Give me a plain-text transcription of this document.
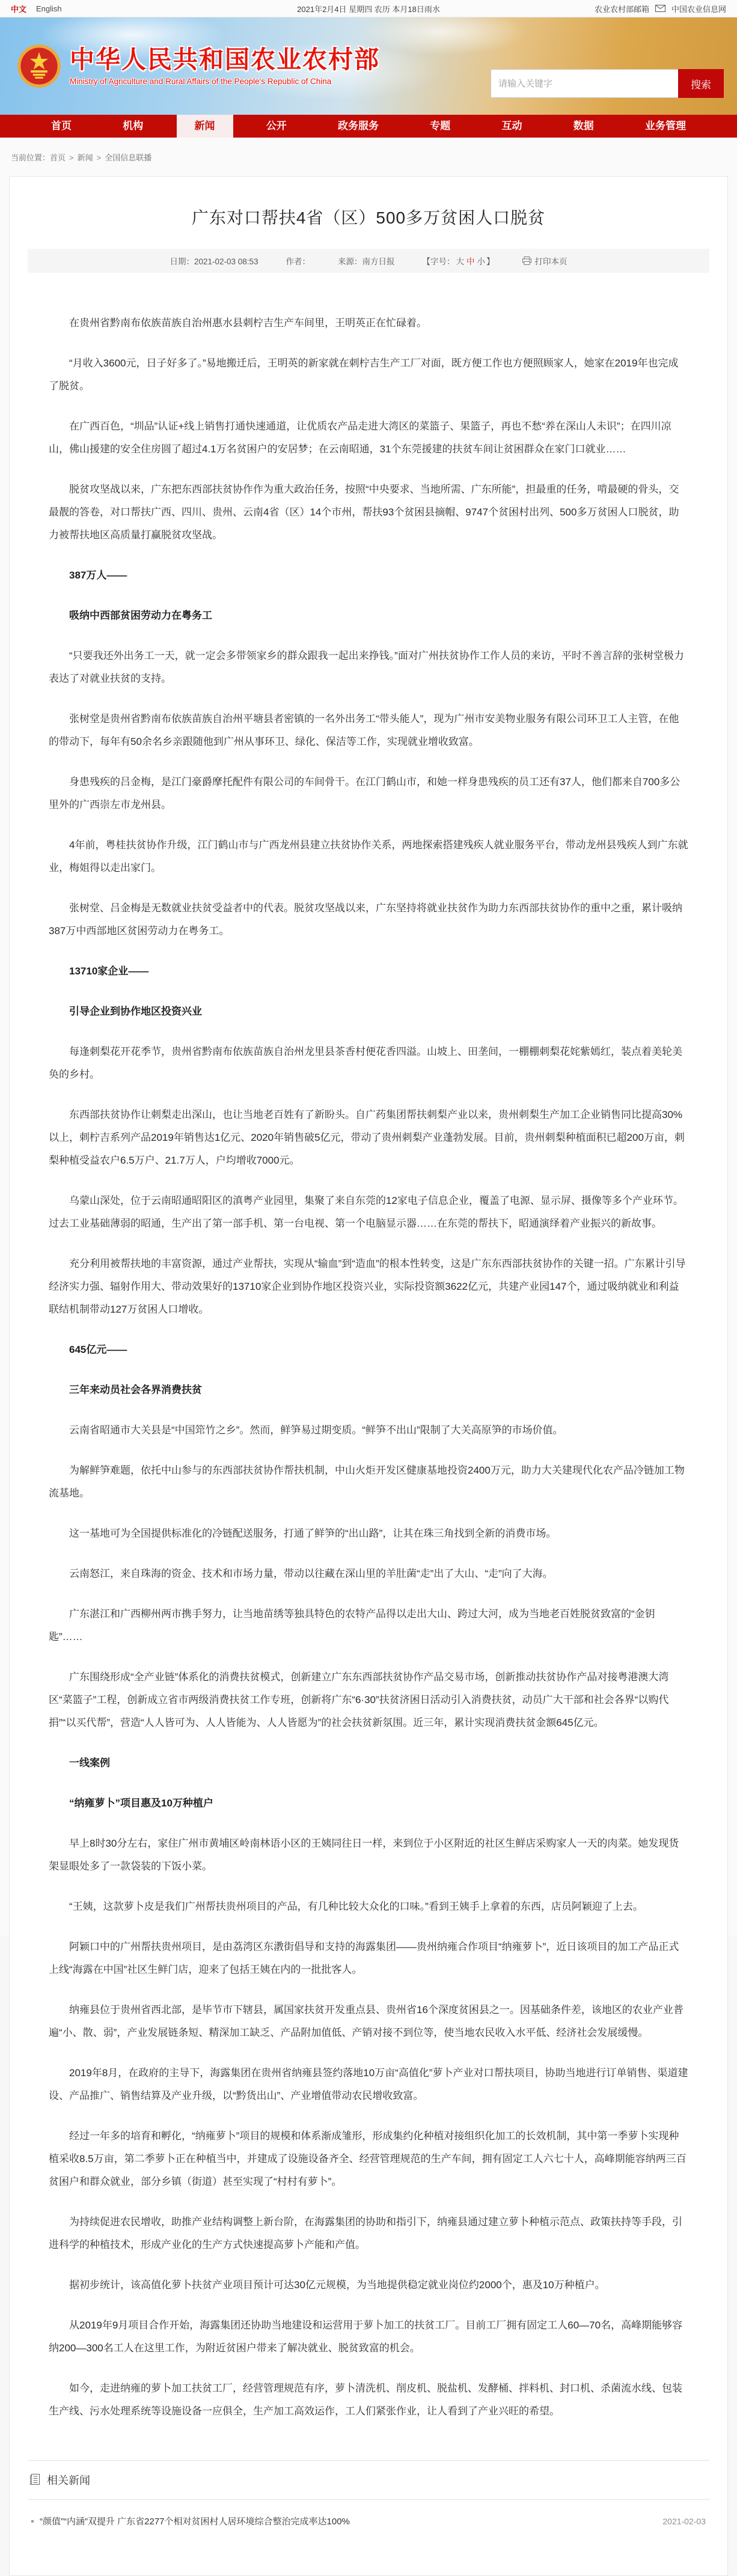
中文 English	2021年2月4日 星期四 农历 本月18日雨水	农业农村部邮箱	中国农业信息网
中华人民共和国农业农村部
Ministry of Agriculture and Rural Affairs of the People's Republic of China
请输入关键字	搜索
首页	机构	新闻	公开	政务服务	专题	互动	数据	业务管理
当前位置： 首页 > 新闻 > 全国信息联播
广东对口帮扶4省（区）500多万贫困人口脱贫
日期：2021-02-03 08:53	作者：	来源：南方日报	【字号： 大 中 小 】	打印本页

在贵州省黔南布依族苗族自治州惠水县刺柠吉生产车间里，王明英正在忙碌着。

“月收入3600元，日子好多了。”易地搬迁后，王明英的新家就在刺柠吉生产工厂对面，既方便工作也方便照顾家人，她家在2019年也完成了脱贫。

在广西百色，“圳品”认证+线上销售打通快速通道，让优质农产品走进大湾区的菜篮子、果篮子，再也不愁“养在深山人未识”；在四川凉山，佛山援建的安全住房圆了超过4.1万名贫困户的安居梦；在云南昭通，31个东莞援建的扶贫车间让贫困群众在家门口就业……

脱贫攻坚战以来，广东把东西部扶贫协作作为重大政治任务，按照“中央要求、当地所需、广东所能”，担最重的任务，啃最硬的骨头，交最靓的答卷，对口帮扶广西、四川、贵州、云南4省（区）14个市州，帮扶93个贫困县摘帽、9747个贫困村出列、500多万贫困人口脱贫，助力被帮扶地区高质量打赢脱贫攻坚战。

387万人——

吸纳中西部贫困劳动力在粤务工

“只要我还外出务工一天，就一定会多带领家乡的群众跟我一起出来挣钱。”面对广州扶贫协作工作人员的来访，平时不善言辞的张树堂极力表达了对就业扶贫的支持。

张树堂是贵州省黔南布依族苗族自治州平塘县者密镇的一名外出务工“带头能人”，现为广州市安美物业服务有限公司环卫工人主管，在他的带动下，每年有50余名乡亲跟随他到广州从事环卫、绿化、保洁等工作，实现就业增收致富。

身患残疾的吕金梅，是江门豪爵摩托配件有限公司的车间骨干。在江门鹤山市，和她一样身患残疾的员工还有37人，他们都来自700多公里外的广西崇左市龙州县。

4年前，粤桂扶贫协作升级，江门鹤山市与广西龙州县建立扶贫协作关系，两地探索搭建残疾人就业服务平台，带动龙州县残疾人到广东就业，梅姐得以走出家门。

张树堂、吕金梅是无数就业扶贫受益者中的代表。脱贫攻坚战以来，广东坚持将就业扶贫作为助力东西部扶贫协作的重中之重，累计吸纳387万中西部地区贫困劳动力在粤务工。

13710家企业——

引导企业到协作地区投资兴业

每逢刺梨花开花季节，贵州省黔南布依族苗族自治州龙里县茶香村便花香四溢。山坡上、田垄间，一棚棚刺梨花姹紫嫣红，装点着美轮美奂的乡村。

东西部扶贫协作让刺梨走出深山，也让当地老百姓有了新盼头。自广药集团帮扶刺梨产业以来，贵州刺梨生产加工企业销售同比提高30%以上，刺柠吉系列产品2019年销售达1亿元、2020年销售破5亿元，带动了贵州刺梨产业蓬勃发展。目前，贵州刺梨种植面积已超200万亩，刺梨种植受益农户6.5万户、21.7万人，户均增收7000元。

乌蒙山深处，位于云南昭通昭阳区的滇粤产业园里，集聚了来自东莞的12家电子信息企业，覆盖了电源、显示屏、摄像等多个产业环节。过去工业基础薄弱的昭通，生产出了第一部手机、第一台电视、第一个电脑显示器……在东莞的帮扶下，昭通演绎着产业振兴的新故事。

充分利用被帮扶地的丰富资源，通过产业帮扶，实现从“输血”到“造血”的根本性转变，这是广东东西部扶贫协作的关键一招。广东累计引导经济实力强、辐射作用大、带动效果好的13710家企业到协作地区投资兴业，实际投资额3622亿元，共建产业园147个，通过吸纳就业和利益联结机制带动127万贫困人口增收。

645亿元——

三年来动员社会各界消费扶贫

云南省昭通市大关县是“中国筇竹之乡”。然而，鲜笋易过期变质。“鲜笋不出山”限制了大关高原笋的市场价值。

为解鲜笋难题，依托中山参与的东西部扶贫协作帮扶机制，中山火炬开发区健康基地投资2400万元，助力大关建现代化农产品冷链加工物流基地。

这一基地可为全国提供标准化的冷链配送服务，打通了鲜笋的“出山路”，让其在珠三角找到全新的消费市场。

云南怒江，来自珠海的资金、技术和市场力量，带动以往藏在深山里的羊肚菌“走”出了大山、“走”向了大海。

广东湛江和广西柳州两市携手努力，让当地苗绣等独具特色的农特产品得以走出大山、跨过大河，成为当地老百姓脱贫致富的“金钥匙”……

广东围绕形成“全产业链”体系化的消费扶贫模式，创新建立广东东西部扶贫协作产品交易市场，创新推动扶贫协作产品对接粤港澳大湾区“菜篮子”工程，创新成立省市两级消费扶贫工作专班，创新将广东“6·30”扶贫济困日活动引入消费扶贫，动员广大干部和社会各界“以购代捐”“以买代帮”，营造“人人皆可为、人人皆能为、人人皆愿为”的社会扶贫新氛围。近三年，累计实现消费扶贫金额645亿元。

一线案例

“纳雍萝卜”项目惠及10万种植户

早上8时30分左右，家住广州市黄埔区岭南林语小区的王姨同往日一样，来到位于小区附近的社区生鲜店采购家人一天的肉菜。她发现货架显眼处多了一款袋装的下饭小菜。

“王姨，这款萝卜皮是我们广州帮扶贵州项目的产品，有几种比较大众化的口味。”看到王姨手上拿着的东西，店员阿颖迎了上去。

阿颖口中的广州帮扶贵州项目，是由荔湾区东漖街倡导和支持的海露集团——贵州纳雍合作项目“纳雍萝卜”，近日该项目的加工产品正式上线“海露在中国”社区生鲜门店，迎来了包括王姨在内的一批批客人。

纳雍县位于贵州省西北部，是毕节市下辖县，属国家扶贫开发重点县、贵州省16个深度贫困县之一。因基础条件差，该地区的农业产业普遍“小、散、弱”，产业发展链条短、精深加工缺乏、产品附加值低、产销对接不到位等，使当地农民收入水平低、经济社会发展缓慢。

2019年8月，在政府的主导下，海露集团在贵州省纳雍县签约落地10万亩“高值化”萝卜产业对口帮扶项目，协助当地进行订单销售、渠道建设、产品推广、销售结算及产业升级，以“黔货出山”、产业增值带动农民增收致富。

经过一年多的培育和孵化，“纳雍萝卜”项目的规模和体系渐成雏形，形成集约化种植对接组织化加工的长效机制，其中第一季萝卜实现种植采收8.5万亩，第二季萝卜正在种植当中，并建成了设施设备齐全、经营管理规范的生产车间，拥有固定工人六七十人，高峰期能容纳两三百贫困户和群众就业，部分乡镇（街道）甚至实现了“村村有萝卜”。

为持续促进农民增收，助推产业结构调整上新台阶，在海露集团的协助和指引下，纳雍县通过建立萝卜种植示范点、政策扶持等手段，引进科学的种植技术，形成产业化的生产方式快速提高萝卜产能和产值。

据初步统计，该高值化萝卜扶贫产业项目预计可达30亿元规模，为当地提供稳定就业岗位约2000个，惠及10万种植户。

从2019年9月项目合作开始，海露集团还协助当地建设和运营用于萝卜加工的扶贫工厂。目前工厂拥有固定工人60—70名，高峰期能够容纳200—300名工人在这里工作，为附近贫困户带来了解决就业、脱贫致富的机会。

如今，走进纳雍的萝卜加工扶贫工厂，经营管理规范有序，萝卜清洗机、削皮机、脱盐机、发酵桶、拌料机、封口机、杀菌流水线、包装生产线、污水处理系统等设施设备一应俱全，生产加工高效运作，工人们紧张作业，让人看到了产业兴旺的希望。

相关新闻
“颜值”“内涵”双提升 广东省2277个相对贫困村人居环境综合整治完成率达100%	2021-02-03
